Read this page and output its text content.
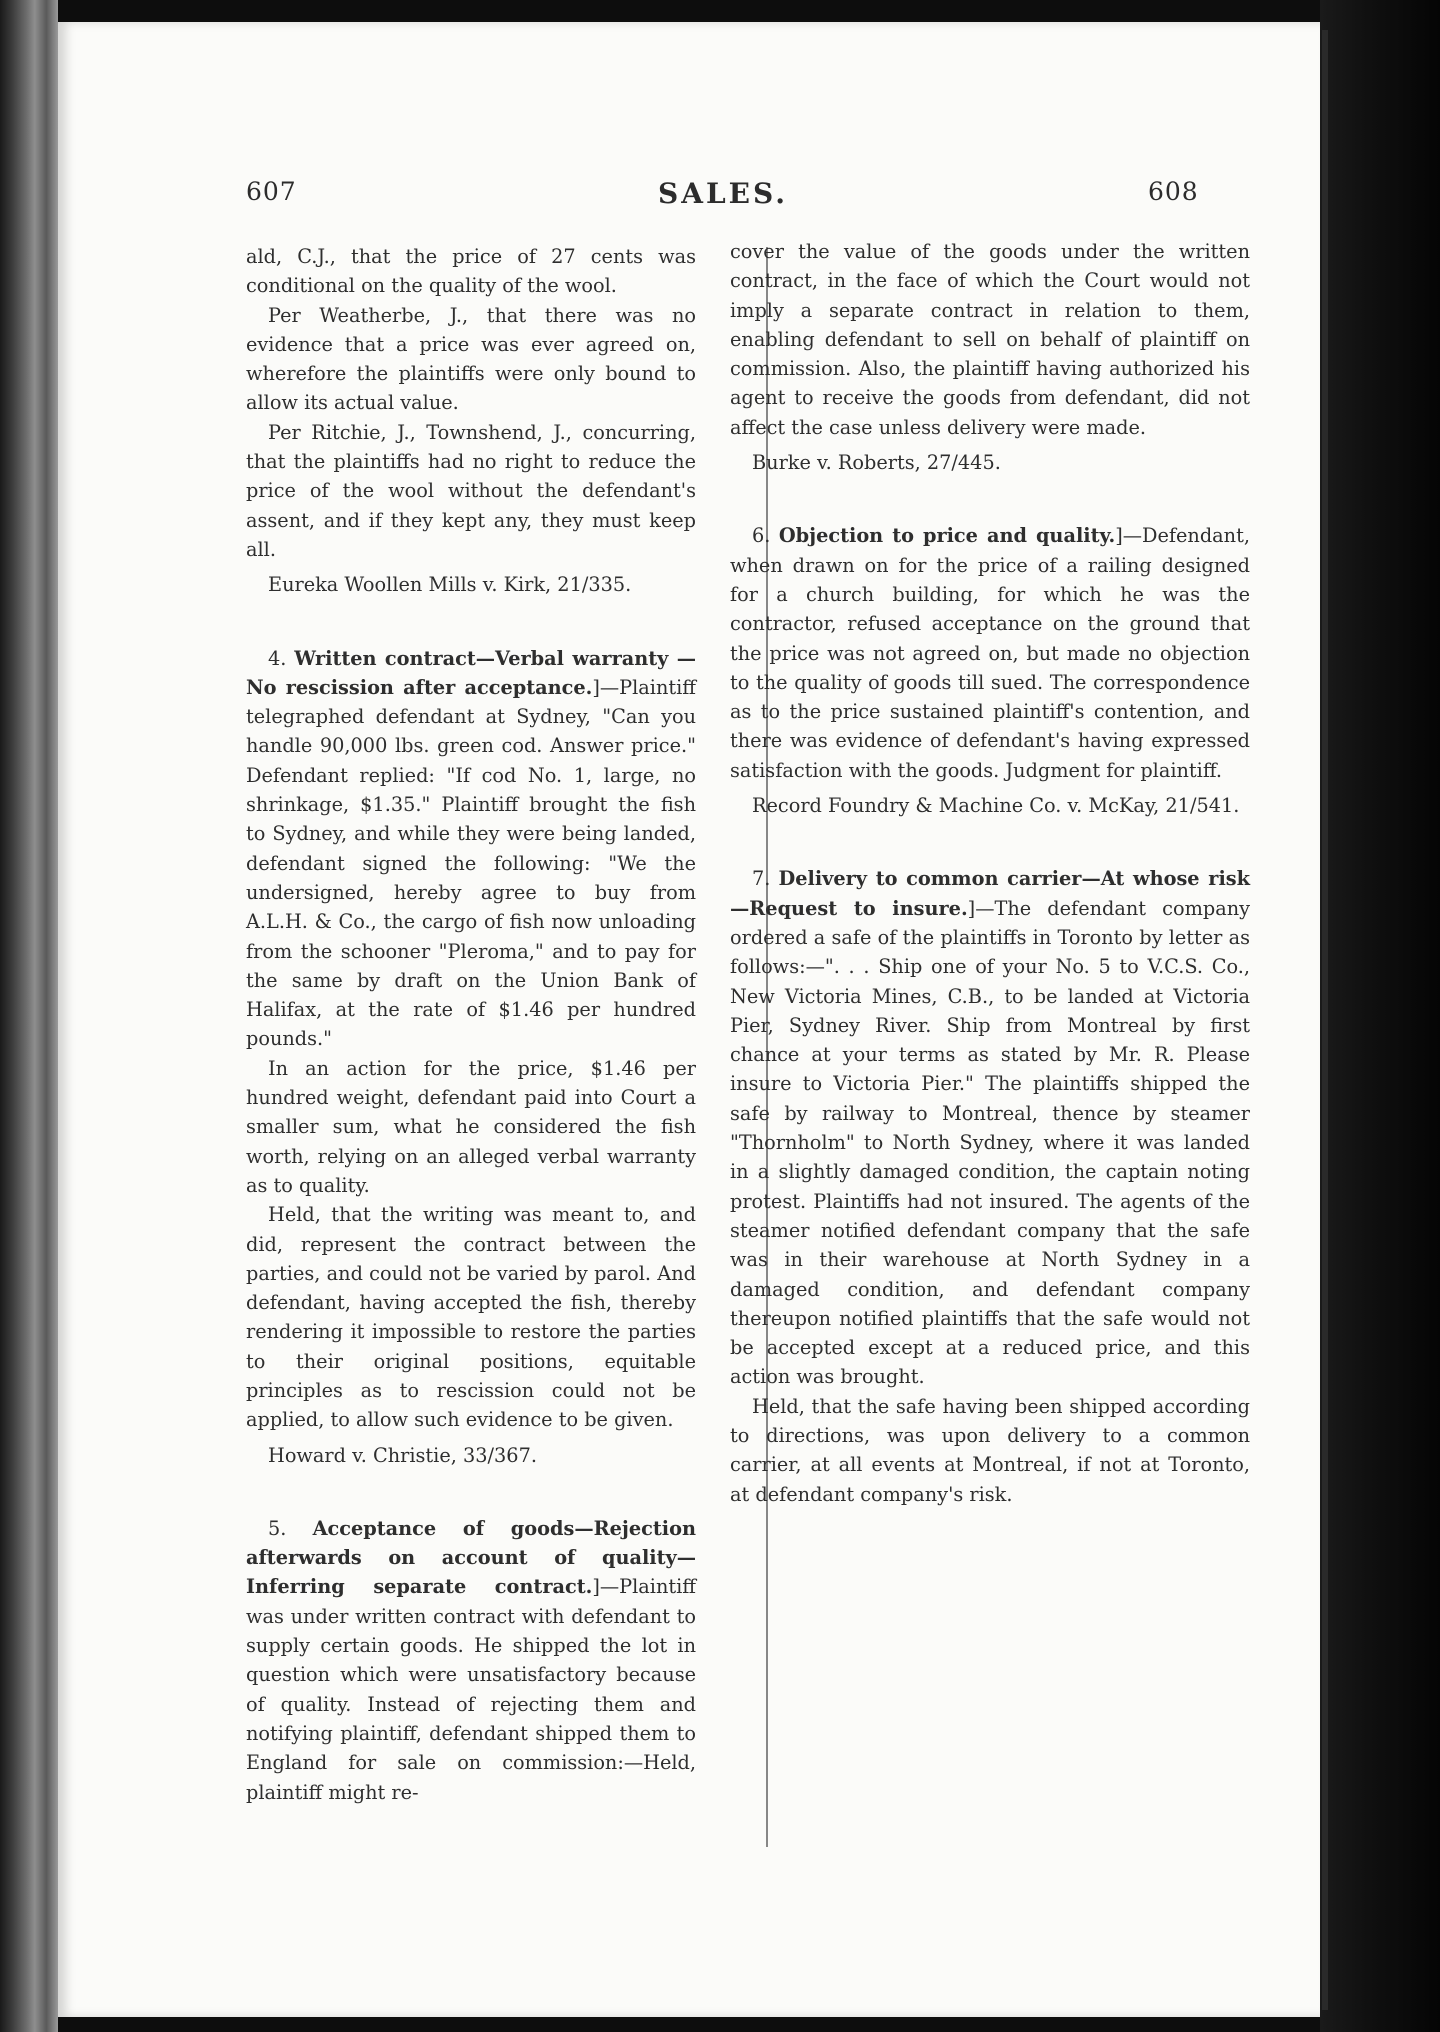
607	SALES.	608

ald, C.J., that the price of 27 cents was conditional on the quality of the wool.

Per Weatherbe, J., that there was no evidence that a price was ever agreed on, wherefore the plaintiffs were only bound to allow its actual value.

Per Ritchie, J., Townshend, J., concurring, that the plaintiffs had no right to reduce the price of the wool without the defendant's assent, and if they kept any, they must keep all.

Eureka Woollen Mills v. Kirk, 21/335.

4. Written contract—Verbal warranty —No rescission after acceptance.]—Plaintiff telegraphed defendant at Sydney, "Can you handle 90,000 lbs. green cod. Answer price." Defendant replied: "If cod No. 1, large, no shrinkage, $1.35." Plaintiff brought the fish to Sydney, and while they were being landed, defendant signed the following: "We the undersigned, hereby agree to buy from A.L.H. & Co., the cargo of fish now unloading from the schooner "Pleroma," and to pay for the same by draft on the Union Bank of Halifax, at the rate of $1.46 per hundred pounds."

In an action for the price, $1.46 per hundred weight, defendant paid into Court a smaller sum, what he considered the fish worth, relying on an alleged verbal warranty as to quality.

Held, that the writing was meant to, and did, represent the contract between the parties, and could not be varied by parol. And defendant, having accepted the fish, thereby rendering it impossible to restore the parties to their original positions, equitable principles as to rescission could not be applied, to allow such evidence to be given.

Howard v. Christie, 33/367.

5. Acceptance of goods—Rejection afterwards on account of quality—Inferring separate contract.]—Plaintiff was under written contract with defendant to supply certain goods. He shipped the lot in question which were unsatisfactory because of quality. Instead of rejecting them and notifying plaintiff, defendant shipped them to England for sale on commission:—Held, plaintiff might re-

cover the value of the goods under the written contract, in the face of which the Court would not imply a separate contract in relation to them, enabling defendant to sell on behalf of plaintiff on commission. Also, the plaintiff having authorized his agent to receive the goods from defendant, did not affect the case unless delivery were made.

Burke v. Roberts, 27/445.

6. Objection to price and quality.]—Defendant, when drawn on for the price of a railing designed for a church building, for which he was the contractor, refused acceptance on the ground that the price was not agreed on, but made no objection to the quality of goods till sued. The correspondence as to the price sustained plaintiff's contention, and there was evidence of defendant's having expressed satisfaction with the goods. Judgment for plaintiff.

Record Foundry & Machine Co. v. McKay, 21/541.

7. Delivery to common carrier—At whose risk—Request to insure.]—The defendant company ordered a safe of the plaintiffs in Toronto by letter as follows:—". . . Ship one of your No. 5 to V.C.S. Co., New Victoria Mines, C.B., to be landed at Victoria Pier, Sydney River. Ship from Montreal by first chance at your terms as stated by Mr. R. Please insure to Victoria Pier." The plaintiffs shipped the safe by railway to Montreal, thence by steamer "Thornholm" to North Sydney, where it was landed in a slightly damaged condition, the captain noting protest. Plaintiffs had not insured. The agents of the steamer notified defendant company that the safe was in their warehouse at North Sydney in a damaged condition, and defendant company thereupon notified plaintiffs that the safe would not be accepted except at a reduced price, and this action was brought.

Held, that the safe having been shipped according to directions, was upon delivery to a common carrier, at all events at Montreal, if not at Toronto, at defendant company's risk.
